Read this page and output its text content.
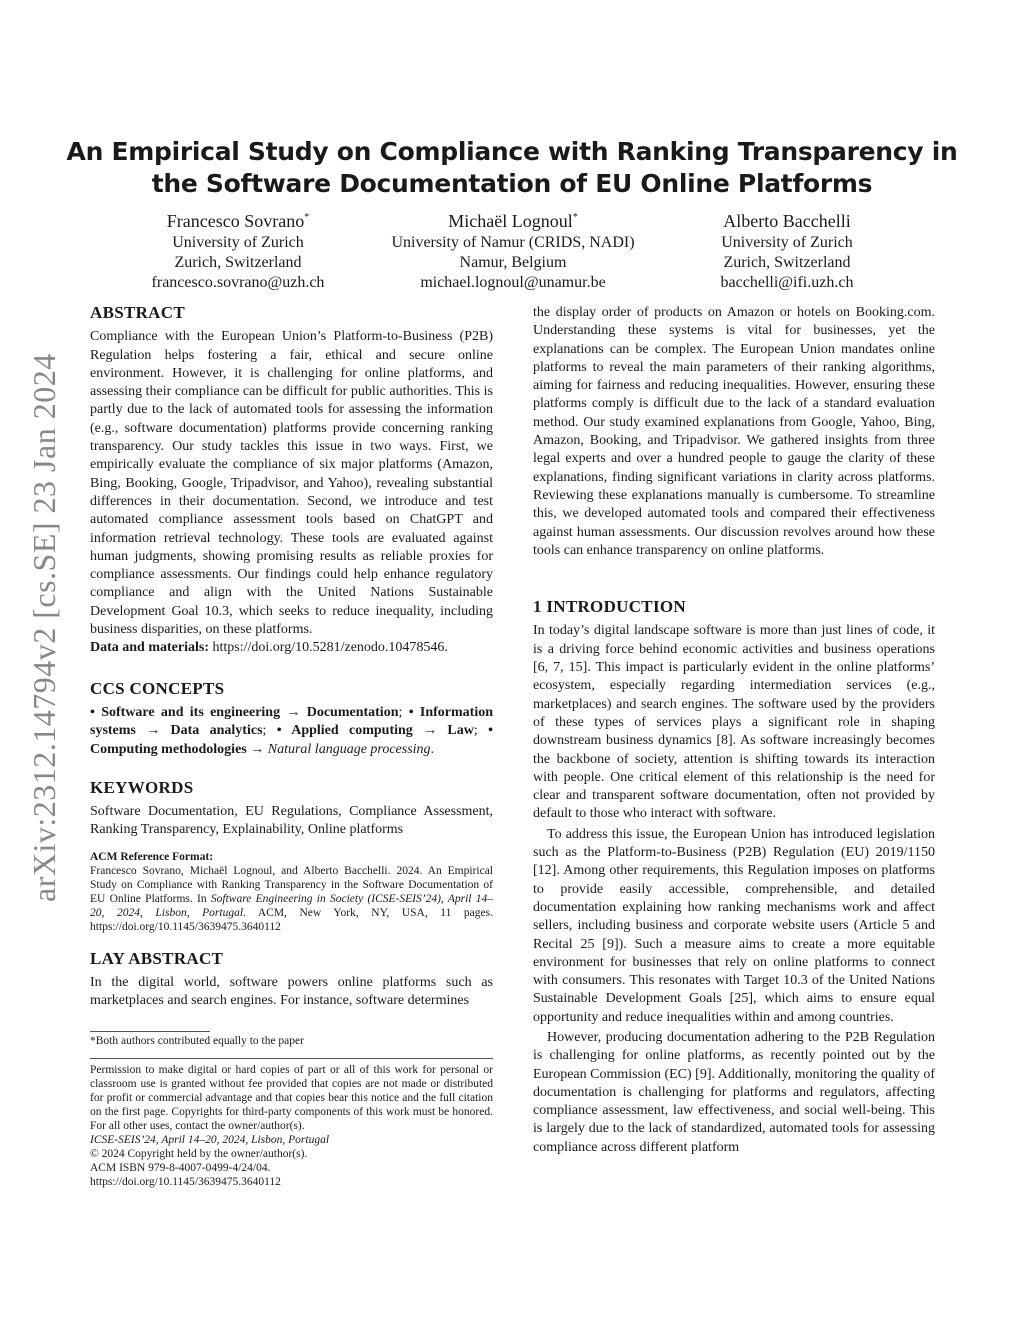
arXiv:2312.14794v2 [cs.SE] 23 Jan 2024
An Empirical Study on Compliance with Ranking Transparency in
the Software Documentation of EU Online Platforms
Francesco Sovrano*
University of Zurich
Zurich, Switzerland
francesco.sovrano@uzh.ch
Michaël Lognoul*
University of Namur (CRIDS, NADI)
Namur, Belgium
michael.lognoul@unamur.be
Alberto Bacchelli
University of Zurich
Zurich, Switzerland
bacchelli@ifi.uzh.ch
ABSTRACT

Compliance with the European Union’s Platform-to-Business (P2B) Regulation helps fostering a fair, ethical and secure online environment. However, it is challenging for online platforms, and assessing their compliance can be difficult for public authorities. This is partly due to the lack of automated tools for assessing the information (e.g., software documentation) platforms provide concerning ranking transparency. Our study tackles this issue in two ways. First, we empirically evaluate the compliance of six major platforms (Amazon, Bing, Booking, Google, Tripadvisor, and Yahoo), revealing substantial differences in their documentation. Second, we introduce and test automated compliance assessment tools based on ChatGPT and information retrieval technology. These tools are evaluated against human judgments, showing promising results as reliable proxies for compliance assessments. Our findings could help enhance regulatory compliance and align with the United Nations Sustainable Development Goal 10.3, which seeks to reduce inequality, including business disparities, on these platforms.

Data and materials: https://doi.org/10.5281/zenodo.10478546.

CCS CONCEPTS

• Software and its engineering → Documentation; • Information systems → Data analytics; • Applied computing → Law; • Computing methodologies → Natural language processing.

KEYWORDS

Software Documentation, EU Regulations, Compliance Assessment, Ranking Transparency, Explainability, Online platforms

ACM Reference Format:

Francesco Sovrano, Michaël Lognoul, and Alberto Bacchelli. 2024. An Empirical Study on Compliance with Ranking Transparency in the Software Documentation of EU Online Platforms. In Software Engineering in Society (ICSE-SEIS’24), April 14–20, 2024, Lisbon, Portugal. ACM, New York, NY, USA, 11 pages. https://doi.org/10.1145/3639475.3640112

LAY ABSTRACT

In the digital world, software powers online platforms such as marketplaces and search engines. For instance, software determines

*Both authors contributed equally to the paper

Permission to make digital or hard copies of part or all of this work for personal or classroom use is granted without fee provided that copies are not made or distributed for profit or commercial advantage and that copies bear this notice and the full citation on the first page. Copyrights for third-party components of this work must be honored. For all other uses, contact the owner/author(s).

ICSE-SEIS’24, April 14–20, 2024, Lisbon, Portugal

© 2024 Copyright held by the owner/author(s).

ACM ISBN 979-8-4007-0499-4/24/04.

https://doi.org/10.1145/3639475.3640112

the display order of products on Amazon or hotels on Booking.com. Understanding these systems is vital for businesses, yet the explanations can be complex. The European Union mandates online platforms to reveal the main parameters of their ranking algorithms, aiming for fairness and reducing inequalities. However, ensuring these platforms comply is difficult due to the lack of a standard evaluation method. Our study examined explanations from Google, Yahoo, Bing, Amazon, Booking, and Tripadvisor. We gathered insights from three legal experts and over a hundred people to gauge the clarity of these explanations, finding significant variations in clarity across platforms. Reviewing these explanations manually is cumbersome. To streamline this, we developed automated tools and compared their effectiveness against human assessments. Our discussion revolves around how these tools can enhance transparency on online platforms.

1 INTRODUCTION

In today’s digital landscape software is more than just lines of code, it is a driving force behind economic activities and business operations [6, 7, 15]. This impact is particularly evident in the online platforms’ ecosystem, especially regarding intermediation services (e.g., marketplaces) and search engines. The software used by the providers of these types of services plays a significant role in shaping downstream business dynamics [8]. As software increasingly becomes the backbone of society, attention is shifting towards its interaction with people. One critical element of this relationship is the need for clear and transparent software documentation, often not provided by default to those who interact with software.

To address this issue, the European Union has introduced legislation such as the Platform-to-Business (P2B) Regulation (EU) 2019/1150 [12]. Among other requirements, this Regulation imposes on platforms to provide easily accessible, comprehensible, and detailed documentation explaining how ranking mechanisms work and affect sellers, including business and corporate website users (Article 5 and Recital 25 [9]). Such a measure aims to create a more equitable environment for businesses that rely on online platforms to connect with consumers. This resonates with Target 10.3 of the United Nations Sustainable Development Goals [25], which aims to ensure equal opportunity and reduce inequalities within and among countries.

However, producing documentation adhering to the P2B Regulation is challenging for online platforms, as recently pointed out by the European Commission (EC) [9]. Additionally, monitoring the quality of documentation is challenging for platforms and regulators, affecting compliance assessment, law effectiveness, and social well-being. This is largely due to the lack of standardized, automated tools for assessing compliance across different platform
